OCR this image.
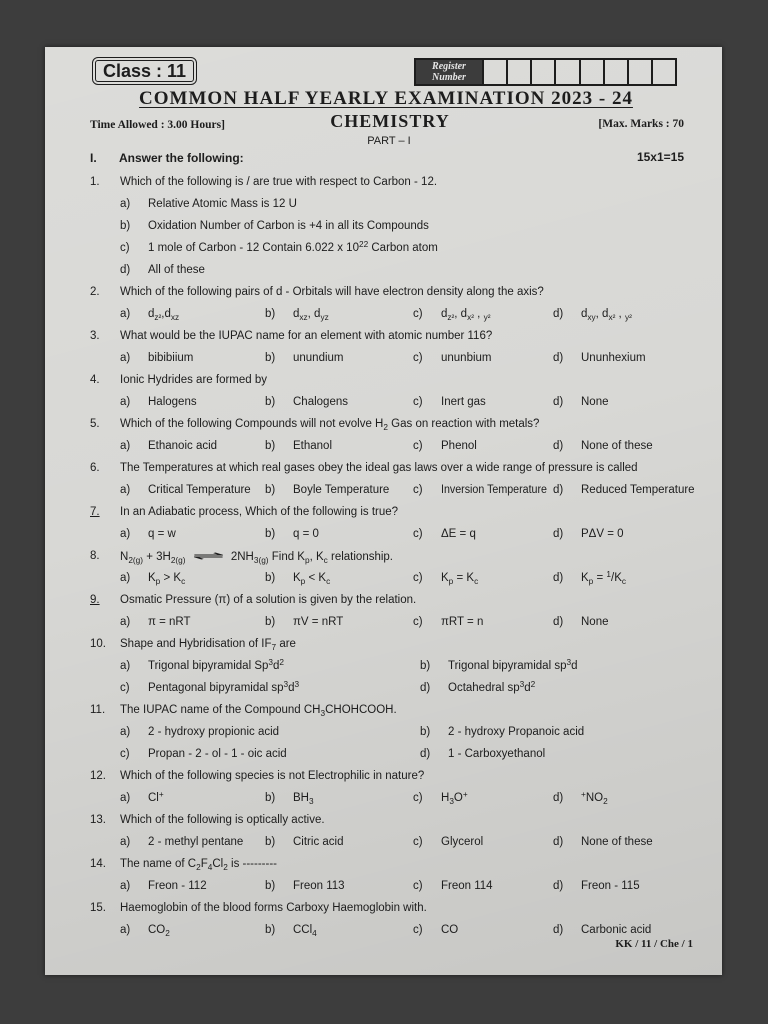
Class : 11	Register
Number
COMMON HALF YEARLY EXAMINATION 2023 - 24
Time Allowed : 3.00 Hours]	CHEMISTRY	[Max. Marks : 70
PART – I
I. Answer the following:	15x1=15
1. Which of the following is / are true with respect to Carbon - 12.
a) Relative Atomic Mass is 12 U
b) Oxidation Number of Carbon is +4 in all its Compounds
c) 1 mole of Carbon - 12 Contain 6.022 x $10^{22}$ Carbon atom
d) All of these
2. Which of the following pairs of d - Orbitals will have electron density along the axis?
a) $d_{z^2},d_{xz}$	b) $d_{xz}$, $d_{yz}$	c) $d_{z^2}$, $d_{x^2}$ , $_{y^2}$	d) $d_{xy}$, $d_{x^2}$ , $_{y^2}$
3. What would be the IUPAC name for an element with atomic number 116?
a) bibibiium	b) unundium	c) ununbium	d) Ununhexium
4. Ionic Hydrides are formed by
a) Halogens	b) Chalogens	c) Inert gas	d) None
5. Which of the following Compounds will not evolve $H_2$ Gas on reaction with metals?
a) Ethanoic acid	b) Ethanol	c) Phenol	d) None of these
6. The Temperatures at which real gases obey the ideal gas laws over a wide range of pressure is called
a) Critical Temperature b) Boyle Temperature c) Inversion Temperature d) Reduced Temperature
7. In an Adiabatic process, Which of the following is true?
a) q = w	b) q = 0	c) ΔE = q	d) PΔV = 0
8. $N_{2(g)} + 3H_{2(g)}$ ⇌ $2NH_{3(g)}$ Find $K_p$, $K_c$ relationship.
a) $K_p > K_c$	b) $K_p < K_c$	c) $K_p = K_c$	d) $K_p = ^1/K_c$
9. Osmatic Pressure (π) of a solution is given by the relation.
a) π = nRT	b) πV = nRT	c) πRT = n	d) None
10. Shape and Hybridisation of $IF_7$ are
a) Trigonal bipyramidal $Sp^3d^2$	b) Trigonal bipyramidal $sp^3d$
c) Pentagonal bipyramidal $sp^3d^3$	d) Octahedral $sp^3d^2$
11. The IUPAC name of the Compound $CH_3CHOHCOOH$.
a) 2 - hydroxy propionic acid	b) 2 - hydroxy Propanoic acid
c) Propan - 2 - ol - 1 - oic acid	d) 1 - Carboxyethanol
12. Which of the following species is not Electrophilic in nature?
a) Cl+	b) $BH_3$	c) $H_3O^+$	d) $^+NO_2$
13. Which of the following is optically active.
a) 2 - methyl pentane b) Citric acid	c) Glycerol	d) None of these
14. The name of $C_2F_4Cl_2$ is ---------
a) Freon - 112	b) Freon 113	c) Freon 114	d) Freon - 115
15. Haemoglobin of the blood forms Carboxy Haemoglobin with.
a) $CO_2$	b) CCl$_4$	c) CO	d) Carbonic acid
KK / 11 / Che / 1
